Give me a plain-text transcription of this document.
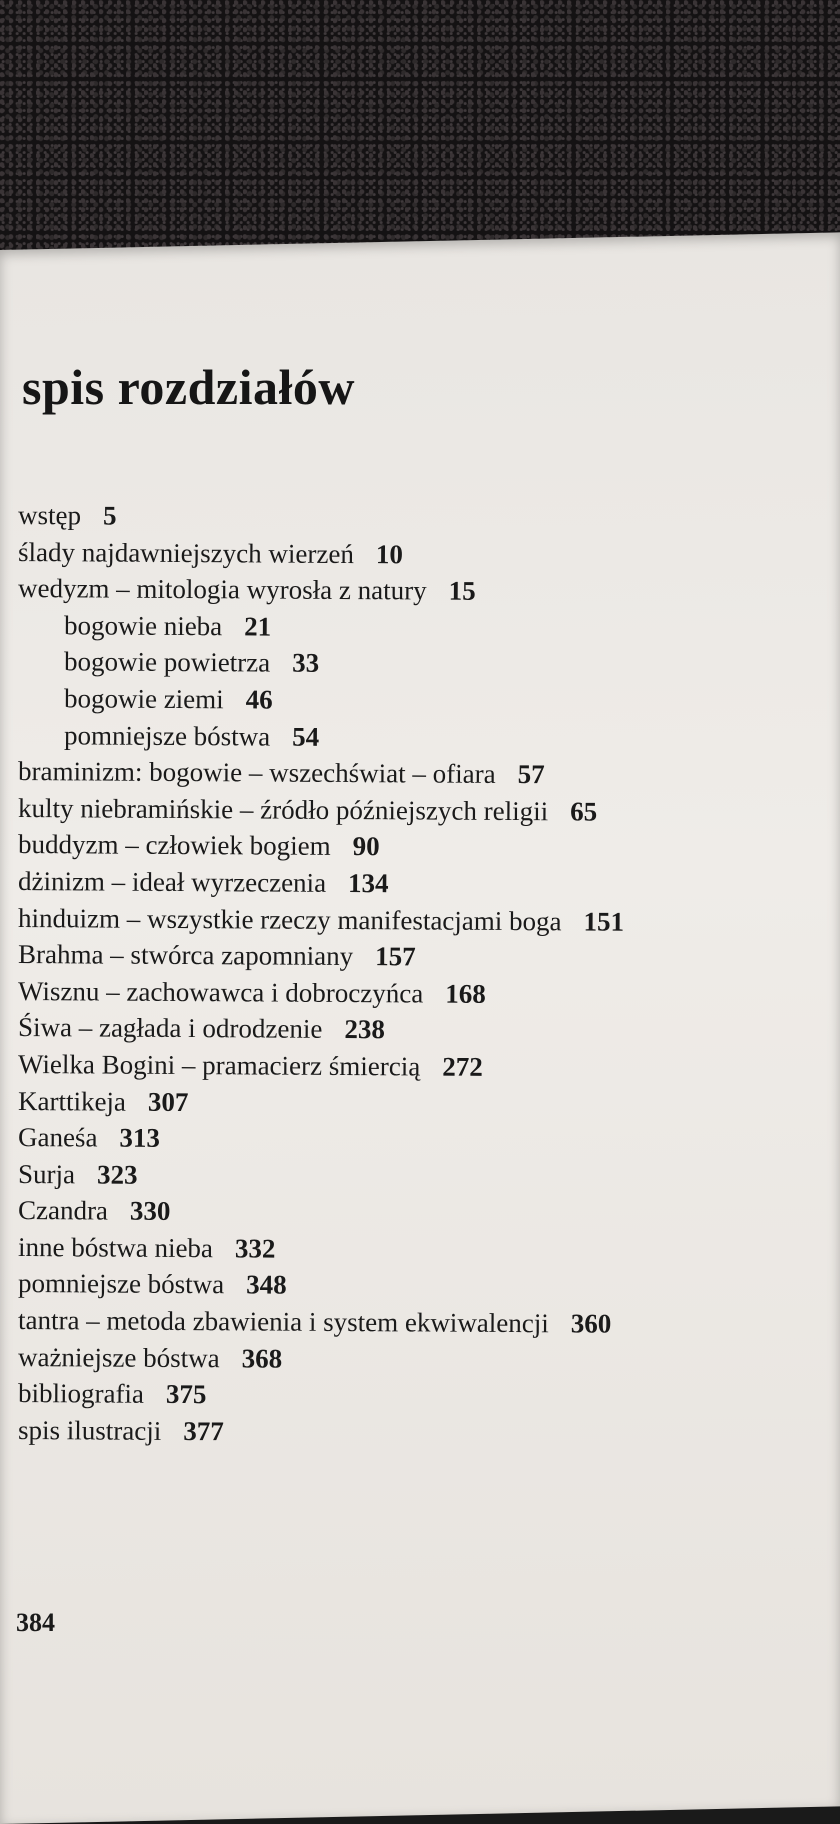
spis rozdziałów
wstęp 5
ślady najdawniejszych wierzeń 10
wedyzm – mitologia wyrosła z natury 15
bogowie nieba 21
bogowie powietrza 33
bogowie ziemi 46
pomniejsze bóstwa 54
braminizm: bogowie – wszechświat – ofiara 57
kulty niebramińskie – źródło późniejszych religii 65
buddyzm – człowiek bogiem 90
dżinizm – ideał wyrzeczenia 134
hinduizm – wszystkie rzeczy manifestacjami boga 151
Brahma – stwórca zapomniany 157
Wisznu – zachowawca i dobroczyńca 168
Śiwa – zagłada i odrodzenie 238
Wielka Bogini – pramacierz śmiercią 272
Karttikeja 307
Ganeśa 313
Surja 323
Czandra 330
inne bóstwa nieba 332
pomniejsze bóstwa 348
tantra – metoda zbawienia i system ekwiwalencji 360
ważniejsze bóstwa 368
bibliografia 375
spis ilustracji 377
384
